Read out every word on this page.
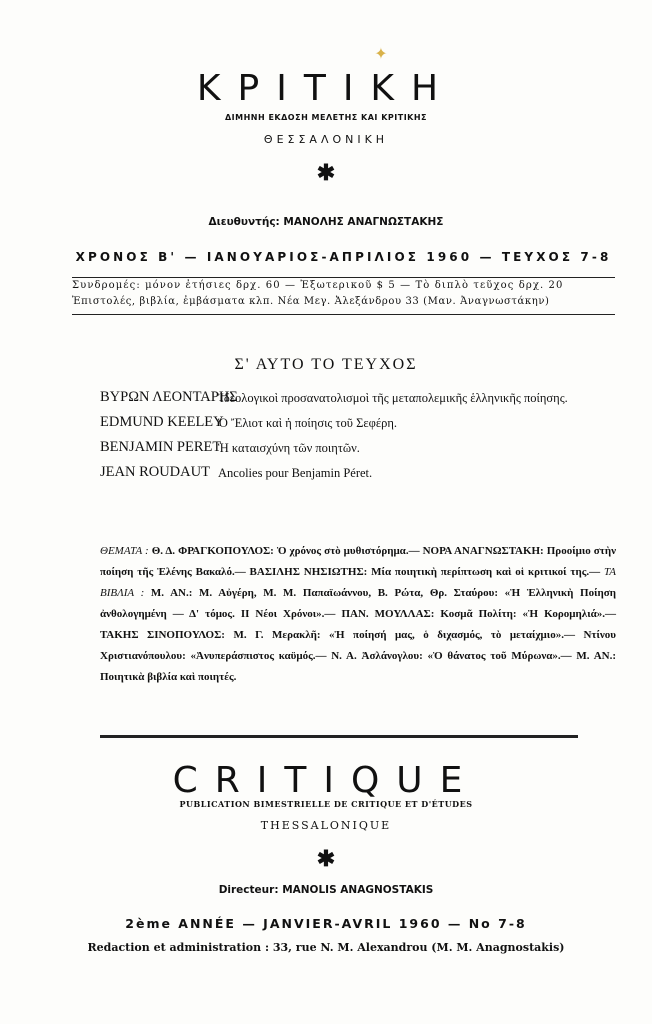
✦
ΚΡΙΤΙΚΗ
ΔΙΜΗΝΗ ΕΚΔΟΣΗ ΜΕΛΕΤΗΣ ΚΑΙ ΚΡΙΤΙΚΗΣ
ΘΕΣΣΑΛΟΝΙΚΗ
✱
Διευθυντής: ΜΑΝΟΛΗΣ ΑΝΑΓΝΩΣΤΑΚΗΣ
ΧΡΟΝΟΣ Β' — ΙΑΝΟΥΑΡΙΟΣ-ΑΠΡΙΛΙΟΣ 1960 — ΤΕΥΧΟΣ 7-8
Συνδρομές: μόνον ἐτήσιες δρχ. 60 — Ἐξωτερικοῦ $ 5 — Τὸ διπλὸ τεῦχος δρχ. 20
Ἐπιστολές, βιβλία, ἐμβάσματα κλπ. Νέα Μεγ. Ἀλεξάνδρου 33 (Μαν. Ἀναγνωστάκην)
Σ' ΑΥΤΟ ΤΟ ΤΕΥΧΟΣ
ΒΥΡΩΝ ΛΕΟΝΤΑΡΗΣ
Ἰδεολογικοὶ προσανατολισμοὶ τῆς μεταπολεμικῆς ἑλληνικῆς ποίησης.
EDMUND KEELEY
Ὁ Ἔλιοτ καὶ ἡ ποίησις τοῦ Σεφέρη.
BENJAMIN PERET
Ἡ καταισχύνη τῶν ποιητῶν.
JEAN ROUDAUT Ancolies pour Benjamin Péret.
ΘΕΜΑΤΑ : Θ. Δ. ΦΡΑΓΚΟΠΟΥΛΟΣ: Ὁ χρόνος στὸ μυθιστόρημα.— ΝΟΡΑ ΑΝΑΓΝΩΣΤΑΚΗ: Προοίμιο στὴν ποίηση τῆς Ἑλένης Βακαλό.— ΒΑΣΙΛΗΣ ΝΗΣΙΩΤΗΣ: Μία ποιητικὴ περίπτωση καὶ οἱ κριτικοί της.— ΤΑ ΒΙΒΛΙΑ : Μ. ΑΝ.: Μ. Αὐγέρη, Μ. Μ. Παπαϊωάννου, Β. Ρώτα, Θρ. Σταύρου: «Ἡ Ἑλληνικὴ Ποίηση ἀνθολογημένη — Δ' τόμος. ΙΙ Νέοι Χρόνοι».— ΠΑΝ. ΜΟΥΛΛΑΣ: Κοσμᾶ Πολίτη: «Ἡ Κορομηλιά».— ΤΑΚΗΣ ΣΙΝΟΠΟΥΛΟΣ: Μ. Γ. Μερακλῆ: «Ἡ ποίησή μας, ὁ διχασμός, τὸ μεταίχμιο».— Ντίνου Χριστιανόπουλου: «Ἀνυπεράσπιστος καϋμός.— Ν. Α. Ἀσλάνογλου: «Ὁ θάνατος τοῦ Μύρωνα».— Μ. ΑΝ.: Ποιητικὰ βιβλία καὶ ποιητές.
CRITIQUE
PUBLICATION BIMESTRIELLE DE CRITIQUE ET D'ÉTUDES
THESSALONIQUE
✱
Directeur: MANOLIS ANAGNOSTAKIS
2ème ANNÉE — JANVIER-AVRIL 1960 — No 7-8
Redaction et administration : 33, rue N. M. Alexandrou (M. M. Anagnostakis)
